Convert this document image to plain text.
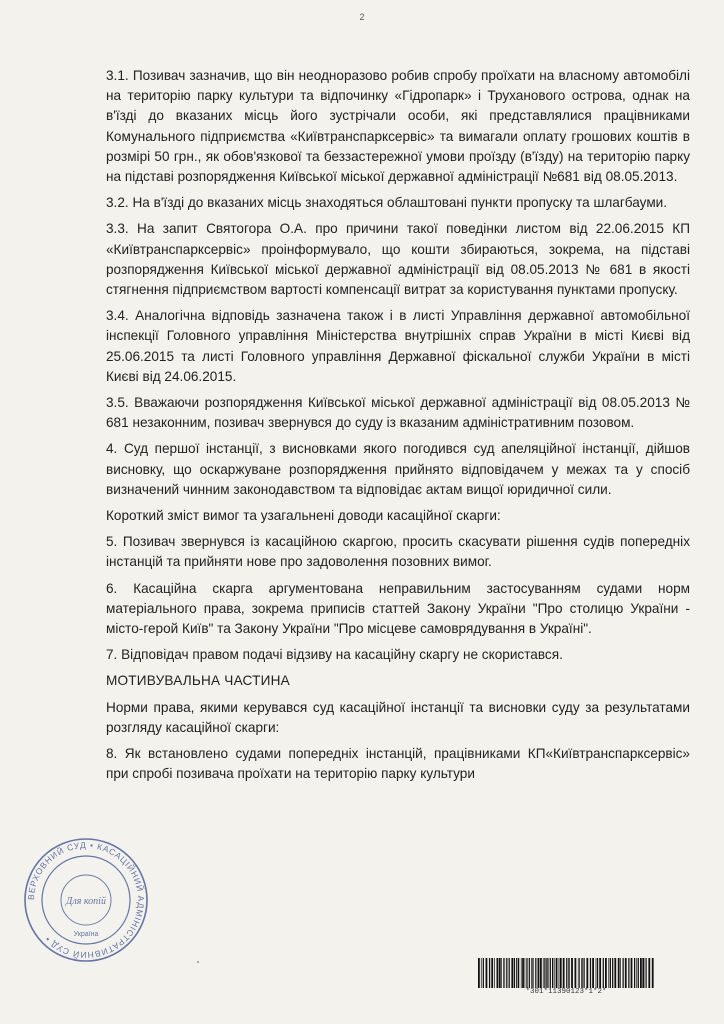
2

3.1. Позивач зазначив, що він неодноразово робив спробу проїхати на власному автомобілі на територію парку культури та відпочинку «Гідропарк» і Труханового острова, однак на в'їзді до вказаних місць його зустрічали особи, які представлялися працівниками Комунального підприємства «Київтранспарксервіс» та вимагали оплату грошових коштів в розмірі 50 грн., як обов'язкової та беззастережної умови проїзду (в'їзду) на територію парку на підставі розпорядження Київської міської державної адміністрації №681 від 08.05.2013.

3.2. На в'їзді до вказаних місць знаходяться облаштовані пункти пропуску та шлагбауми.

3.3. На запит Святогора О.А. про причини такої поведінки листом від 22.06.2015 КП «Київтранспарксервіс» проінформувало, що кошти збираються, зокрема, на підставі розпорядження Київської міської державної адміністрації від 08.05.2013 № 681 в якості стягнення підприємством вартості компенсації витрат за користування пунктами пропуску.

3.4. Аналогічна відповідь зазначена також і в листі Управління державної автомобільної інспекції Головного управління Міністерства внутрішніх справ України в місті Києві від 25.06.2015 та листі Головного управління Державної фіскальної служби України в місті Києві від 24.06.2015.

3.5. Вважаючи розпорядження Київської міської державної адміністрації від 08.05.2013 № 681 незаконним, позивач звернувся до суду із вказаним адміністративним позовом.

4. Суд першої інстанції, з висновками якого погодився суд апеляційної інстанції, дійшов висновку, що оскаржуване розпорядження прийнято відповідачем у межах та у спосіб визначений чинним законодавством та відповідає актам вищої юридичної сили.

Короткий зміст вимог та узагальнені доводи касаційної скарги:

5. Позивач звернувся із касаційною скаргою, просить скасувати рішення судів попередніх інстанцій та прийняти нове про задоволення позовних вимог.

6. Касаційна скарга аргументована неправильним застосуванням судами норм матеріального права, зокрема приписів статтей Закону України "Про столицю України - місто-герой Київ" та Закону України "Про місцеве самоврядування в Україні".

7. Відповідач правом подачі відзиву на касаційну скаргу не скористався.

МОТИВУВАЛЬНА ЧАСТИНА

Норми права, якими керувався суд касаційної інстанції та висновки суду за результатами розгляду касаційної скарги:

8. Як встановлено судами попередніх інстанцій, працівниками КП«Київтранспарксервіс» при спробі позивача проїхати на територію парку культури

ВЕРХОВНИЙ СУД • КАСАЦІЙНИЙ АДМІНІСТРАТИВНИЙ СУД •
Для копій
Україна
*301*11390123*1*2*
